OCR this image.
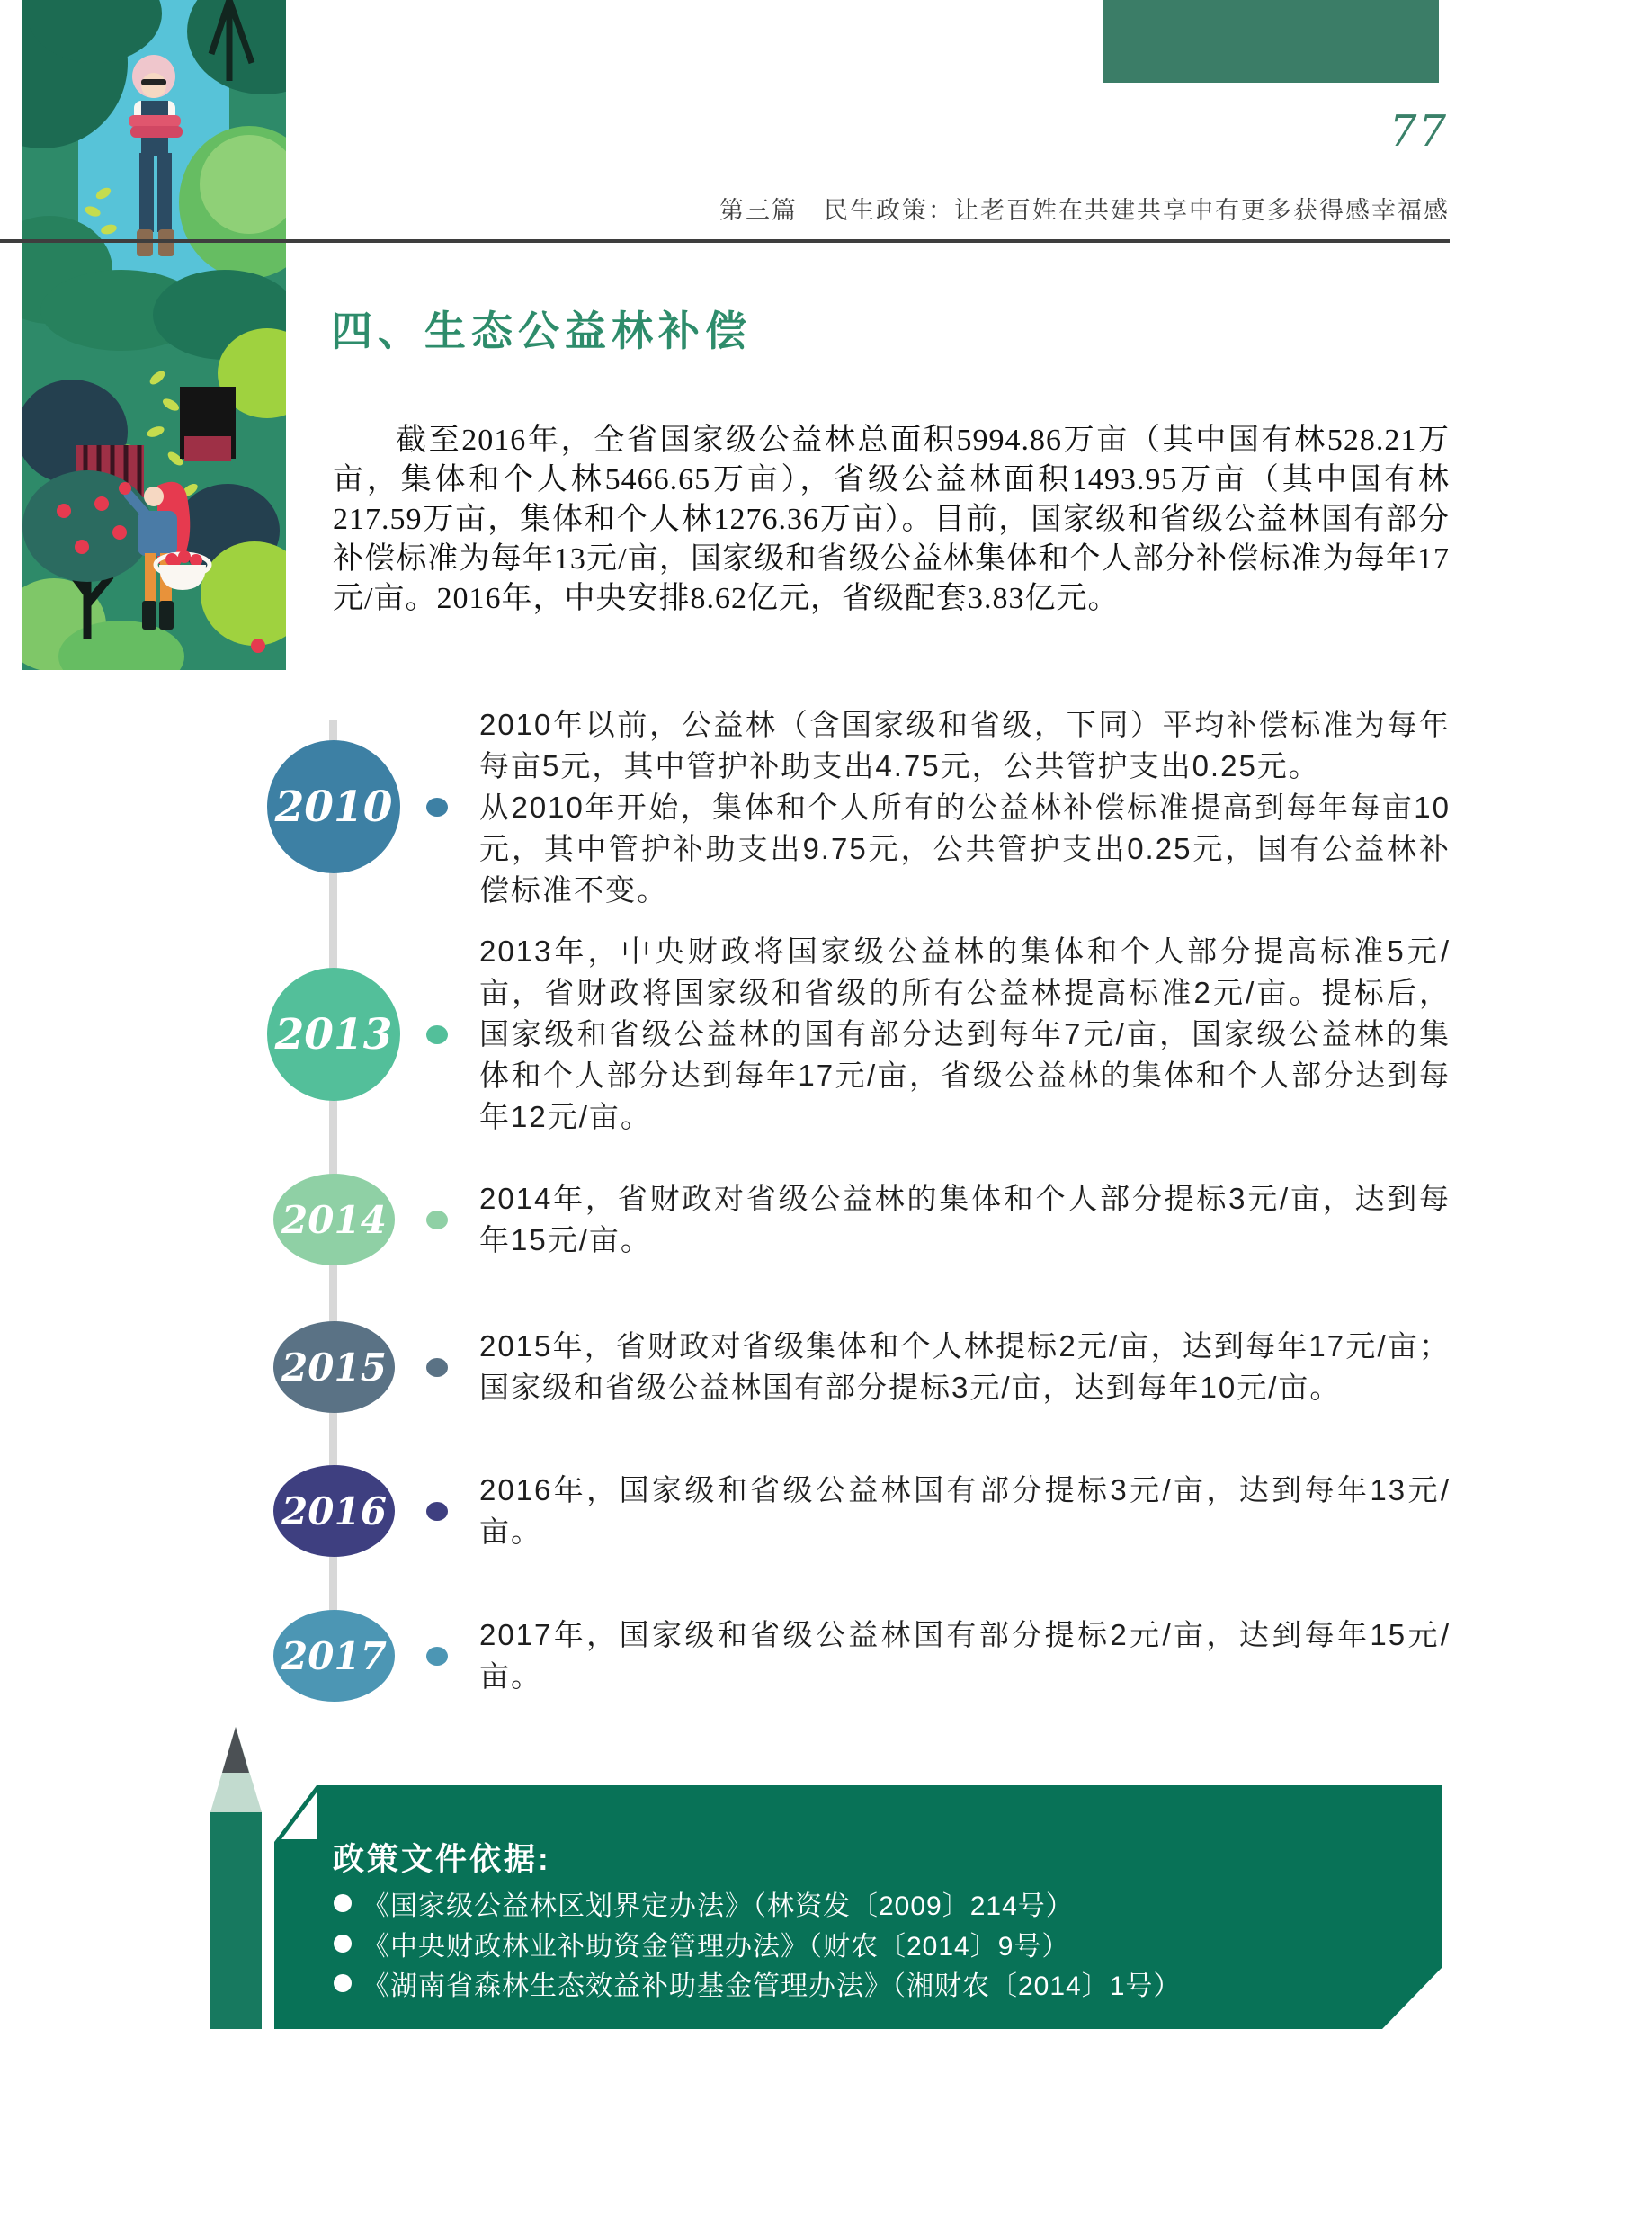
77
第三篇　民生政策：让老百姓在共建共享中有更多获得感幸福感
四、生态公益林补偿

截至2016年，全省国家级公益林总面积5994.86万亩（其中国有林528.21万亩，集体和个人林5466.65万亩），省级公益林面积1493.95万亩（其中国有林217.59万亩，集体和个人林1276.36万亩）。目前，国家级和省级公益林国有部分补偿标准为每年13元/亩，国家级和省级公益林集体和个人部分补偿标准为每年17元/亩。2016年，中央安排8.62亿元，省级配套3.83亿元。

2010

2010年以前，公益林（含国家级和省级，下同）平均补偿标准为每年每亩5元，其中管护补助支出4.75元，公共管护支出0.25元。

从2010年开始，集体和个人所有的公益林补偿标准提高到每年每亩10元，其中管护补助支出9.75元，公共管护支出0.25元，国有公益林补偿标准不变。

2013

2013年，中央财政将国家级公益林的集体和个人部分提高标准5元/亩，省财政将国家级和省级的所有公益林提高标准2元/亩。提标后，国家级和省级公益林的国有部分达到每年7元/亩，国家级公益林的集体和个人部分达到每年17元/亩，省级公益林的集体和个人部分达到每年12元/亩。

2014	2014年，省财政对省级公益林的集体和个人部分提标3元/亩，达到每年15元/亩。

2015	2015年，省财政对省级集体和个人林提标2元/亩，达到每年17元/亩；国家级和省级公益林国有部分提标3元/亩，达到每年10元/亩。

2016	2016年，国家级和省级公益林国有部分提标3元/亩，达到每年13元/亩。

2017	2017年，国家级和省级公益林国有部分提标2元/亩，达到每年15元/亩。

政策文件依据:
《国家级公益林区划界定办法》（林资发〔2009〕214号）
《中央财政林业补助资金管理办法》（财农〔2014〕9号）
《湖南省森林生态效益补助基金管理办法》（湘财农〔2014〕1号）
